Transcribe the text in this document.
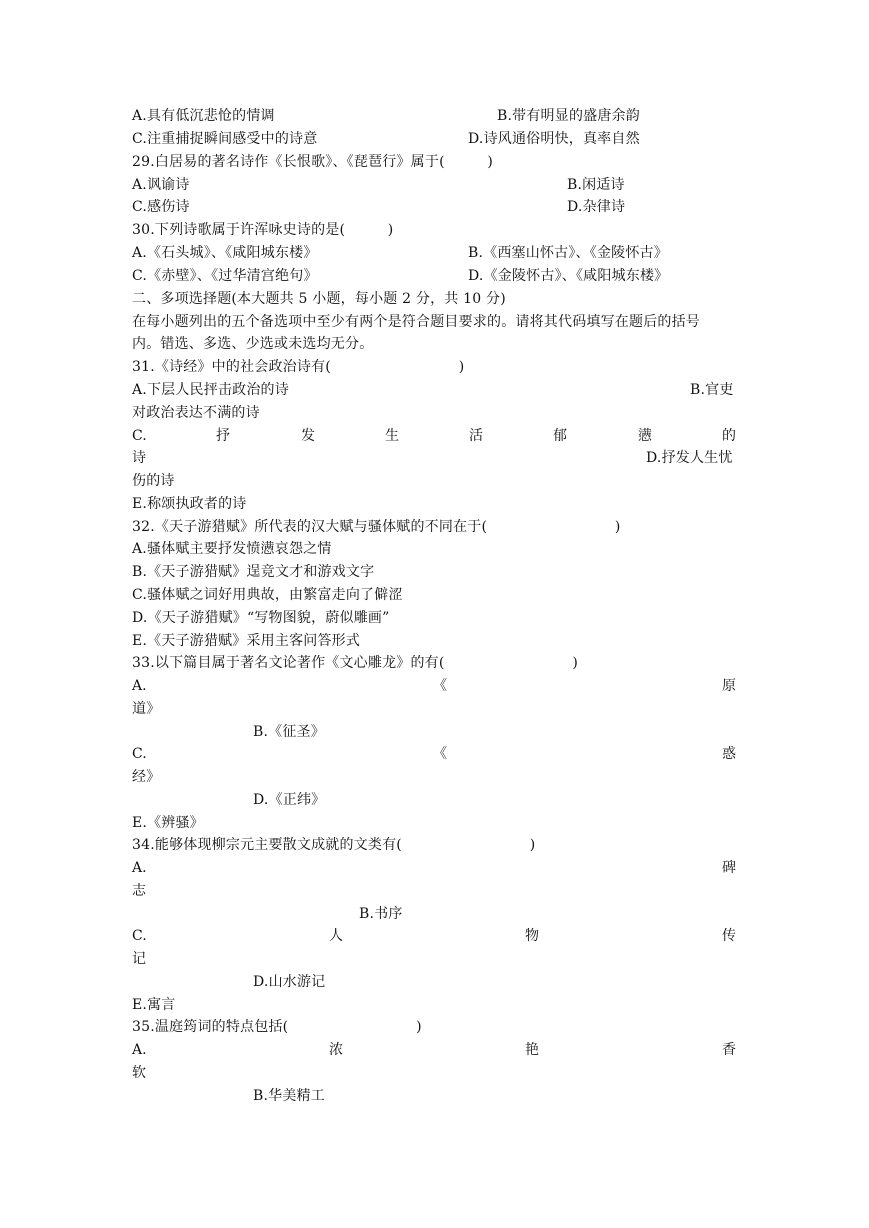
A.具有低沉悲怆的情调	B.带有明显的盛唐余韵
C.注重捕捉瞬间感受中的诗意	D.诗风通俗明快，真率自然
29.白居易的著名诗作《长恨歌》、《琵琶行》属于(　　　)
A.讽谕诗	B.闲适诗
C.感伤诗	D.杂律诗
30.下列诗歌属于许浑咏史诗的是(　　　)
A.《石头城》、《咸阳城东楼》	B.《西塞山怀古》、《金陵怀古》
C.《赤壁》、《过华清宫绝句》	D.《金陵怀古》、《咸阳城东楼》
二、多项选择题(本大题共 5 小题，每小题 2 分，共 10 分)
在每小题列出的五个备选项中至少有两个是符合题目要求的。请将其代码填写在题后的括号
内。错选、多选、少选或未选均无分。
31.《诗经》中的社会政治诗有(　　　　　　　　　)
A.下层人民抨击政治的诗	B.官吏
对政治表达不满的诗
C.	抒	发	生	活	郁	懑	的
诗	D.抒发人生忧
伤的诗
E.称颂执政者的诗
32.《天子游猎赋》所代表的汉大赋与骚体赋的不同在于(　　　　　　　　　)
A.骚体赋主要抒发愤懑哀怨之情
B.《天子游猎赋》逞竞文才和游戏文字
C.骚体赋之词好用典故，由繁富走向了僻涩
D.《天子游猎赋》“写物图貌，蔚似雕画”
E.《天子游猎赋》采用主客问答形式
33.以下篇目属于著名文论著作《文心雕龙》的有(　　　　　　　　　)
A.	《	原
道》
B.《征圣》
C.	《	惑
经》
D.《正纬》
E.《辨骚》
34.能够体现柳宗元主要散文成就的文类有(　　　　　　　　　)
A.	碑
志
B.书序
C.	人	物	传
记
D.山水游记
E.寓言
35.温庭筠词的特点包括(　　　　　　　　　)
A.	浓	艳	香
软
B.华美精工
